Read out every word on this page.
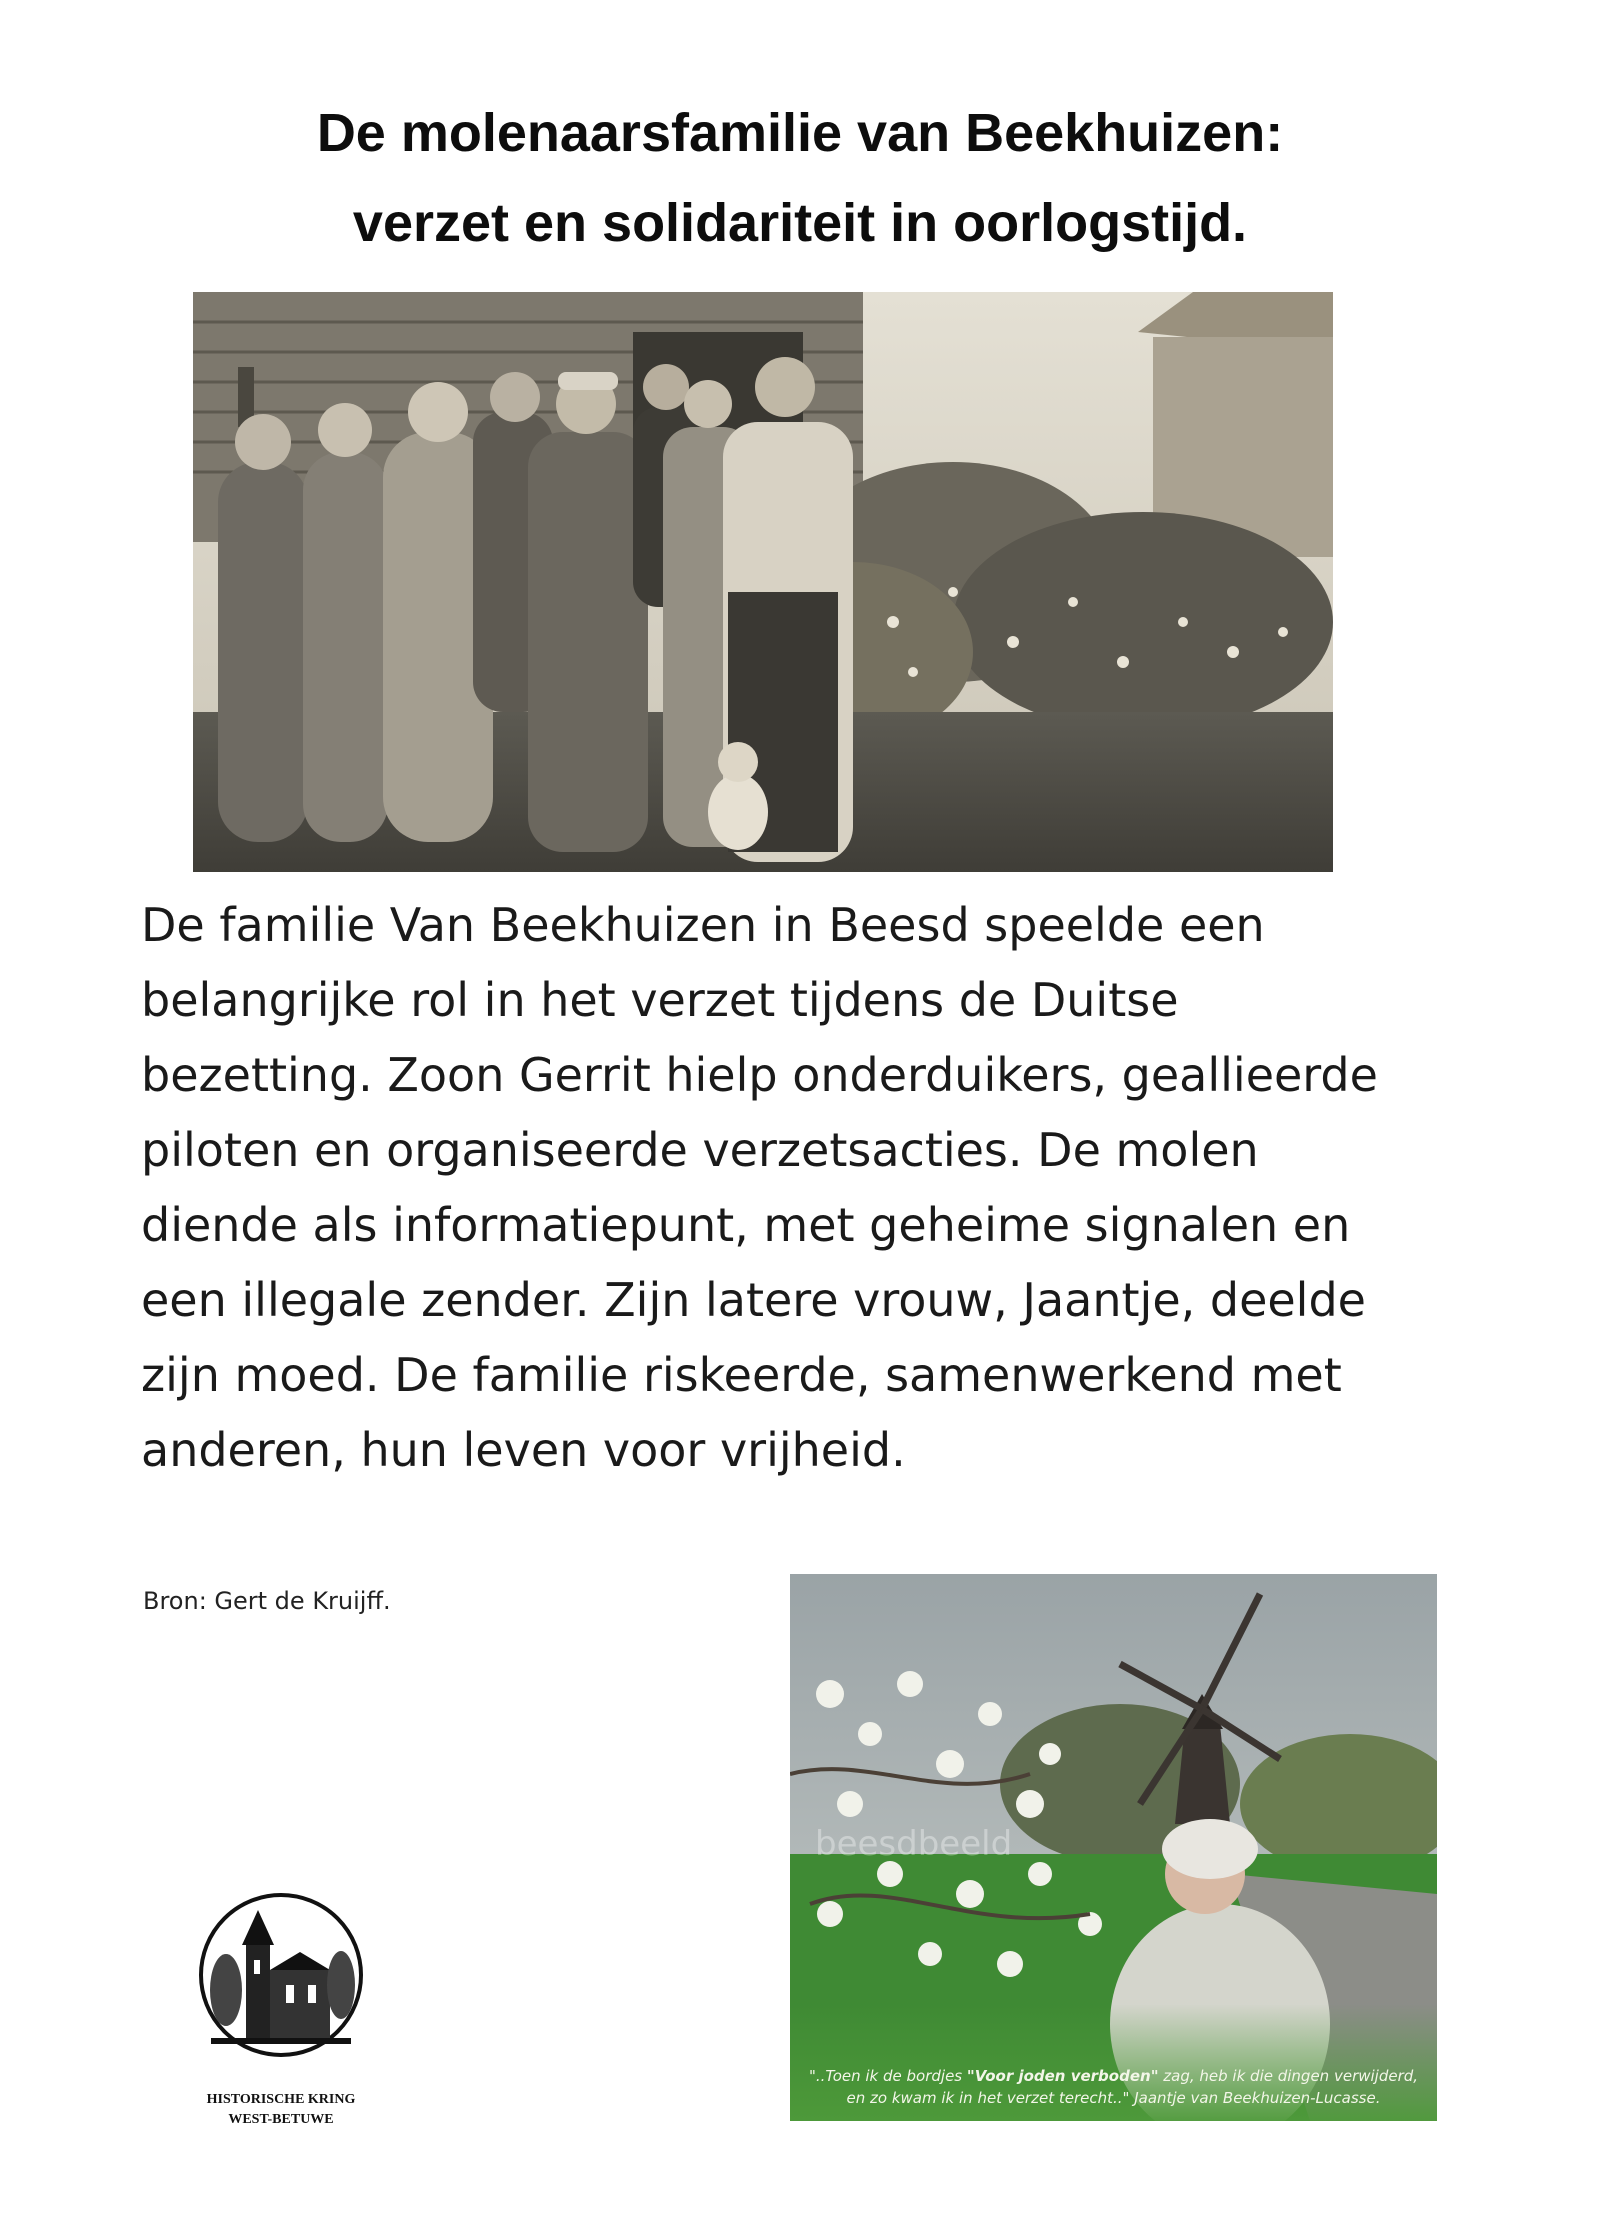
De molenaarsfamilie van Beekhuizen:
verzet en solidariteit in oorlogstijd.
De familie Van Beekhuizen in Beesd speelde een
belangrijke rol in het verzet tijdens de Duitse
bezetting. Zoon Gerrit hielp onderduikers, geallieerde
piloten en organiseerde verzetsacties. De molen
diende als informatiepunt, met geheime signalen en
een illegale zender. Zijn latere vrouw, Jaantje, deelde
zijn moed. De familie riskeerde, samenwerkend met
anderen, hun leven voor vrijheid.
Bron: Gert de Kruijff.
HISTORISCHE KRING
WEST-BETUWE
beesdbeeld
"..Toen ik de bordjes "Voor joden verboden" zag, heb ik die dingen verwijderd,
en zo kwam ik in het verzet terecht.." Jaantje van Beekhuizen-Lucasse.
